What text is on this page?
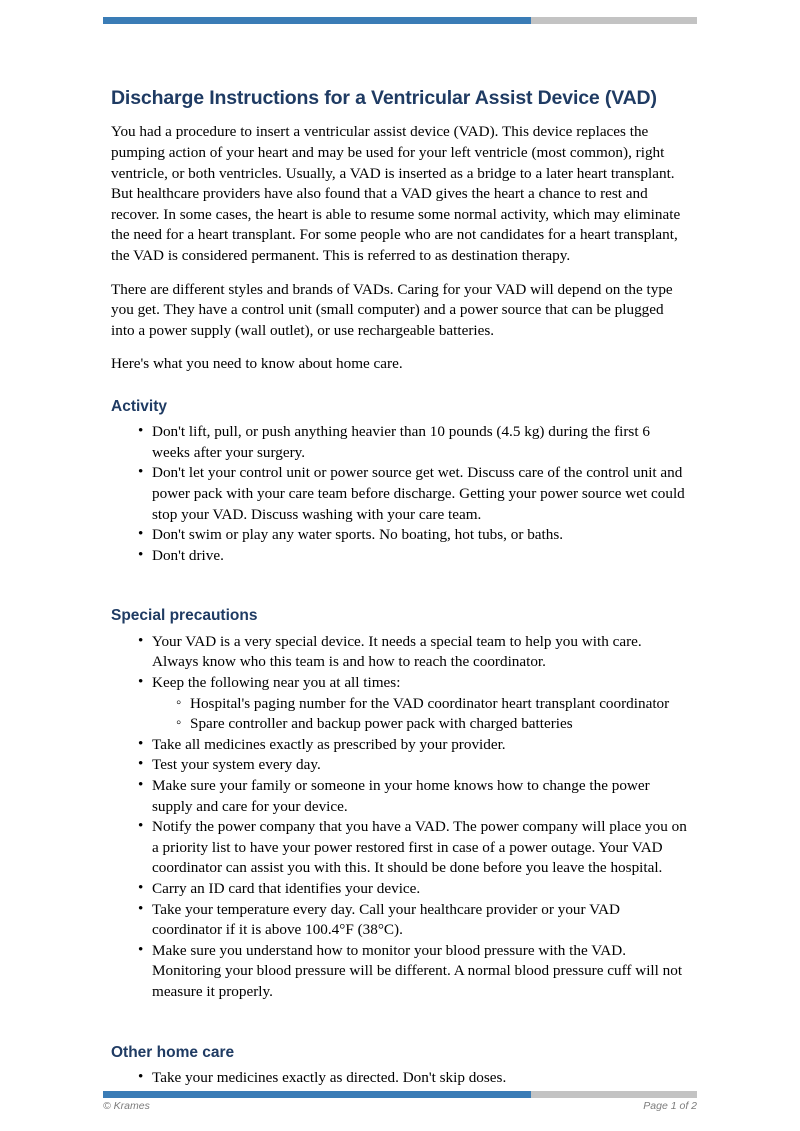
Discharge Instructions for a Ventricular Assist Device (VAD)

You had a procedure to insert a ventricular assist device (VAD). This device replaces the pumping action of your heart and may be used for your left ventricle (most common), right ventricle, or both ventricles. Usually, a VAD is inserted as a bridge to a later heart transplant. But healthcare providers have also found that a VAD gives the heart a chance to rest and recover. In some cases, the heart is able to resume some normal activity, which may eliminate the need for a heart transplant. For some people who are not candidates for a heart transplant, the VAD is considered permanent. This is referred to as destination therapy.

There are different styles and brands of VADs. Caring for your VAD will depend on the type you get. They have a control unit (small computer) and a power source that can be plugged into a power supply (wall outlet), or use rechargeable batteries.

Here's what you need to know about home care.

Activity
• Don't lift, pull, or push anything heavier than 10 pounds (4.5 kg) during the first 6 weeks after your surgery.
• Don't let your control unit or power source get wet. Discuss care of the control unit and power pack with your care team before discharge. Getting your power source wet could stop your VAD. Discuss washing with your care team.
• Don't swim or play any water sports. No boating, hot tubs, or baths.
• Don't drive.
Special precautions
• Your VAD is a very special device. It needs a special team to help you with care. Always know who this team is and how to reach the coordinator.
• Keep the following near you at all times:
◦ Hospital's paging number for the VAD coordinator heart transplant coordinator
◦ Spare controller and backup power pack with charged batteries
• Take all medicines exactly as prescribed by your provider.
• Test your system every day.
• Make sure your family or someone in your home knows how to change the power supply and care for your device.
• Notify the power company that you have a VAD. The power company will place you on a priority list to have your power restored first in case of a power outage. Your VAD coordinator can assist you with this. It should be done before you leave the hospital.
• Carry an ID card that identifies your device.
• Take your temperature every day. Call your healthcare provider or your VAD coordinator if it is above 100.4°F (38°C).
• Make sure you understand how to monitor your blood pressure with the VAD. Monitoring your blood pressure will be different. A normal blood pressure cuff will not measure it properly.
Other home care
• Take your medicines exactly as directed. Don't skip doses.
© Krames	Page 1 of 2
